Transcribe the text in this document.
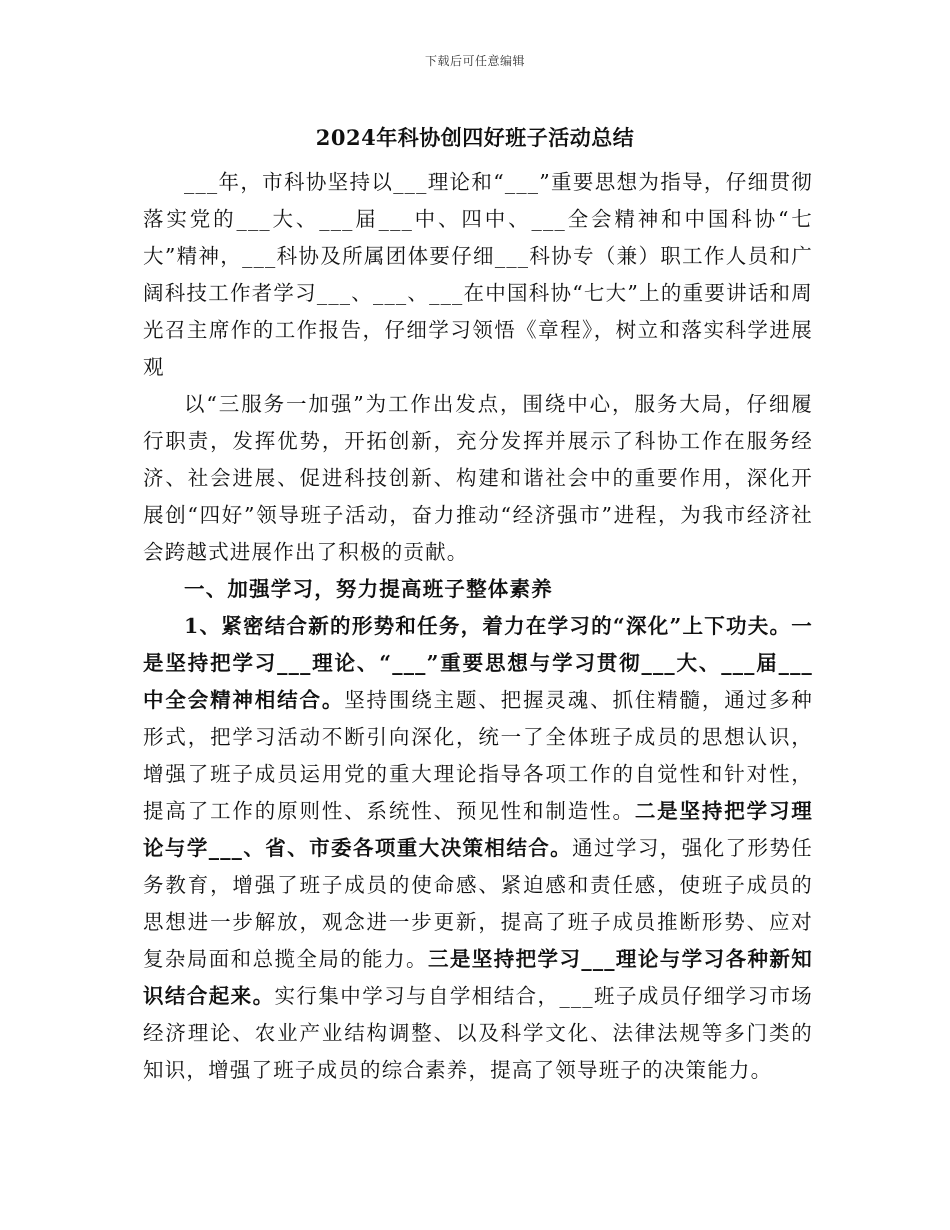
下载后可任意编辑
2024年科协创四好班子活动总结

___年，市科协坚持以___理论和“___”重要思想为指导，仔细贯彻落实党的___大、___届___中、四中、___全会精神和中国科协“七大”精神，___科协及所属团体要仔细___科协专（兼）职工作人员和广阔科技工作者学习___、___、___在中国科协“七大”上的重要讲话和周光召主席作的工作报告，仔细学习领悟《章程》，树立和落实科学进展观

以“三服务一加强”为工作出发点，围绕中心，服务大局，仔细履行职责，发挥优势，开拓创新，充分发挥并展示了科协工作在服务经济、社会进展、促进科技创新、构建和谐社会中的重要作用，深化开展创“四好”领导班子活动，奋力推动“经济强市”进程，为我市经济社会跨越式进展作出了积极的贡献。

一、加强学习，努力提高班子整体素养

1、紧密结合新的形势和任务，着力在学习的“深化”上下功夫。一是坚持把学习___理论、“___”重要思想与学习贯彻___大、___届___中全会精神相结合。坚持围绕主题、把握灵魂、抓住精髓，通过多种形式，把学习活动不断引向深化，统一了全体班子成员的思想认识，增强了班子成员运用党的重大理论指导各项工作的自觉性和针对性，提高了工作的原则性、系统性、预见性和制造性。二是坚持把学习理论与学___、省、市委各项重大决策相结合。通过学习，强化了形势任务教育，增强了班子成员的使命感、紧迫感和责任感，使班子成员的思想进一步解放，观念进一步更新，提高了班子成员推断形势、应对复杂局面和总揽全局的能力。三是坚持把学习___理论与学习各种新知识结合起来。实行集中学习与自学相结合，___班子成员仔细学习市场经济理论、农业产业结构调整、以及科学文化、法律法规等多门类的知识，增强了班子成员的综合素养，提高了领导班子的决策能力。
